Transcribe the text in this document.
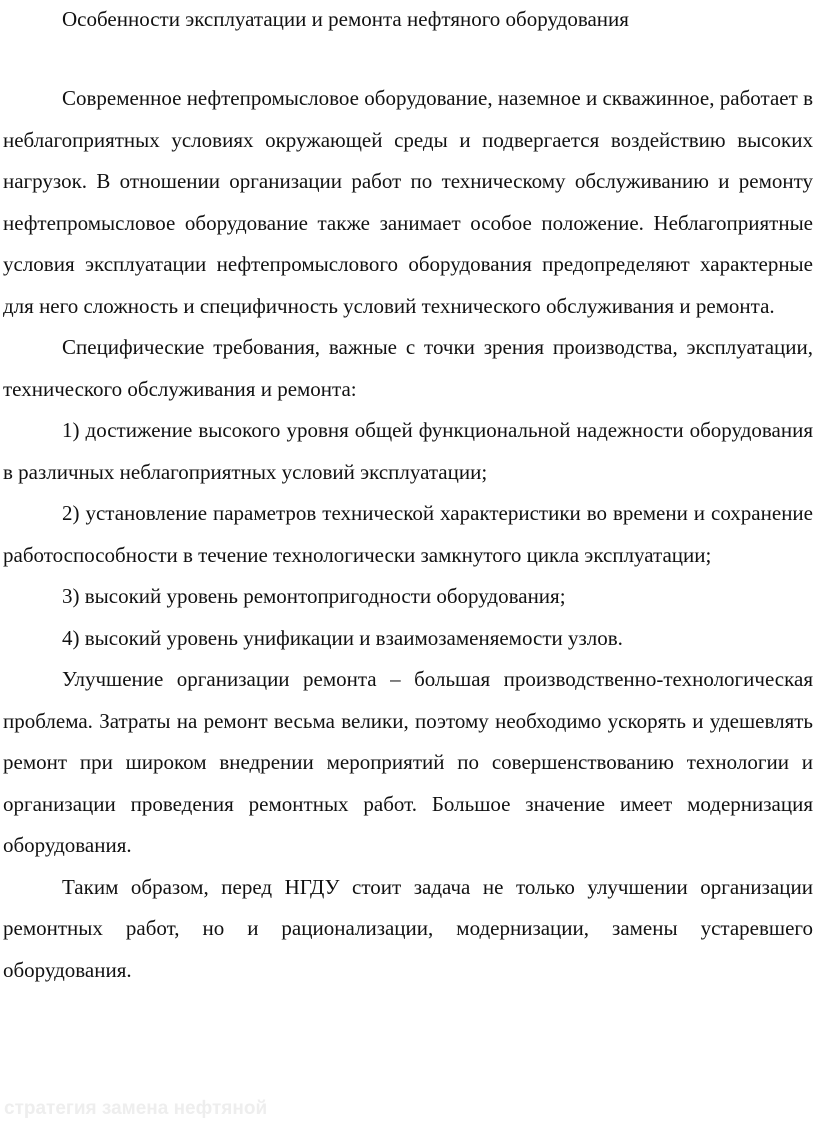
Особенности эксплуатации и ремонта нефтяного оборудования

Современное нефтепромысловое оборудование, наземное и скважинное, работает в неблагоприятных условиях окружающей среды и подвергается воздействию высоких нагрузок. В отношении организации работ по техническому обслуживанию и ремонту нефтепромысловое оборудование также занимает особое положение. Неблагоприятные условия эксплуатации нефтепромыслового оборудования предопределяют характерные для него сложность и специфичность условий технического обслуживания и ремонта.

Специфические требования, важные с точки зрения производства, эксплуатации, технического обслуживания и ремонта:

1) достижение высокого уровня общей функциональной надежности оборудования в различных неблагоприятных условий эксплуатации;

2) установление параметров технической характеристики во времени и сохранение работоспособности в течение технологически замкнутого цикла эксплуатации;

3) высокий уровень ремонтопригодности оборудования;

4) высокий уровень унификации и взаимозаменяемости узлов.

Улучшение организации ремонта – большая производственно-технологическая проблема. Затраты на ремонт весьма велики, поэтому необходимо ускорять и удешевлять ремонт при широком внедрении мероприятий по совершенствованию технологии и организации проведения ремонтных работ. Большое значение имеет модернизация оборудования.

Таким образом, перед НГДУ стоит задача не только улучшении организации ремонтных работ, но и рационализации, модернизации, замены устаревшего оборудования.

стратегия замена нефтяной
